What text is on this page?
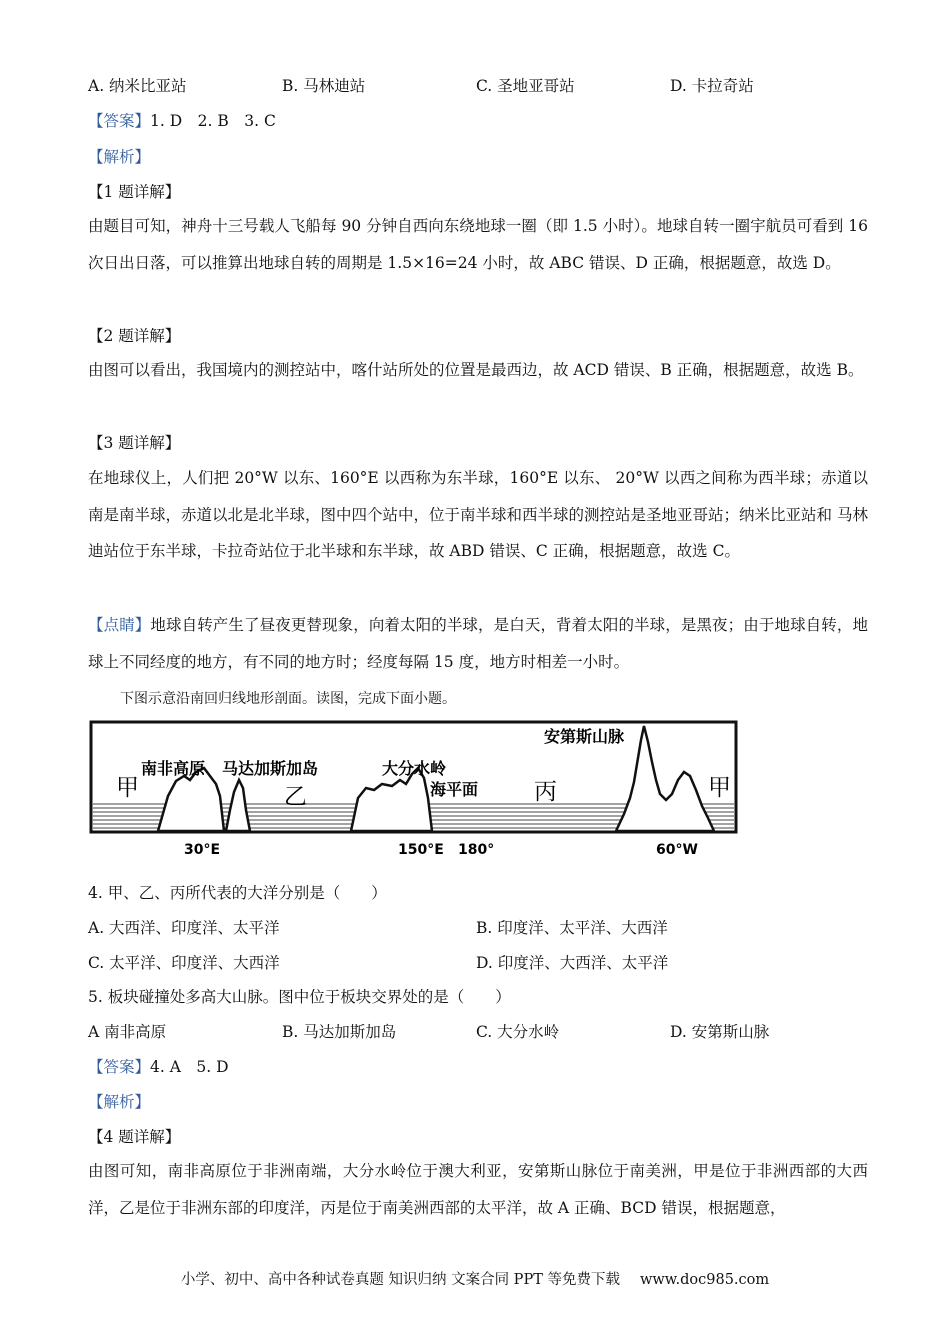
A. 纳米比亚站	B. 马林迪站	C. 圣地亚哥站	D. 卡拉奇站
【答案】1. D　2. B　3. C
【解析】
【1 题详解】
由题目可知，神舟十三号载人飞船每 90 分钟自西向东绕地球一圈（即 1.5 小时）。地球自转一圈宇航员可看到 16 次日出日落，可以推算出地球自转的周期是 1.5×16=24 小时，故 ABC 错误、D 正确，根据题意，故选 D。
【2 题详解】
由图可以看出，我国境内的测控站中，喀什站所处的位置是最西边，故 ACD 错误、B 正确，根据题意，故选 B。
【3 题详解】
在地球仪上，人们把 20°W 以东、160°E 以西称为东半球，160°E 以东、 20°W 以西之间称为西半球；赤道以南是南半球，赤道以北是北半球，图中四个站中，位于南半球和西半球的测控站是圣地亚哥站；纳米比亚站和 马林迪站位于东半球，卡拉奇站位于北半球和东半球，故 ABD 错误、C 正确，根据题意，故选 C。
【点睛】地球自转产生了昼夜更替现象，向着太阳的半球，是白天，背着太阳的半球，是黑夜；由于地球自转，地球上不同经度的地方，有不同的地方时；经度每隔 15 度，地方时相差一小时。
下图示意沿南回归线地形剖面。读图，完成下面小题。
甲
南非高原 马达加斯加岛
乙
大分水岭
海平面 丙
安第斯山脉
甲
30°E	150°E 180°	60°W
4. 甲、乙、丙所代表的大洋分别是（　　）
A. 大西洋、印度洋、太平洋	B. 印度洋、太平洋、大西洋
C. 太平洋、印度洋、大西洋	D. 印度洋、大西洋、太平洋
5. 板块碰撞处多高大山脉。图中位于板块交界处的是（　　）
A 南非高原	B. 马达加斯加岛	C. 大分水岭	D. 安第斯山脉
【答案】4. A　5. D
【解析】
【4 题详解】
由图可知，南非高原位于非洲南端，大分水岭位于澳大利亚，安第斯山脉位于南美洲，甲是位于非洲西部的大西洋，乙是位于非洲东部的印度洋，丙是位于南美洲西部的太平洋，故 A 正确、BCD 错误，根据题意，
小学、初中、高中各种试卷真题 知识归纳 文案合同 PPT 等免费下载 www.doc985.com
